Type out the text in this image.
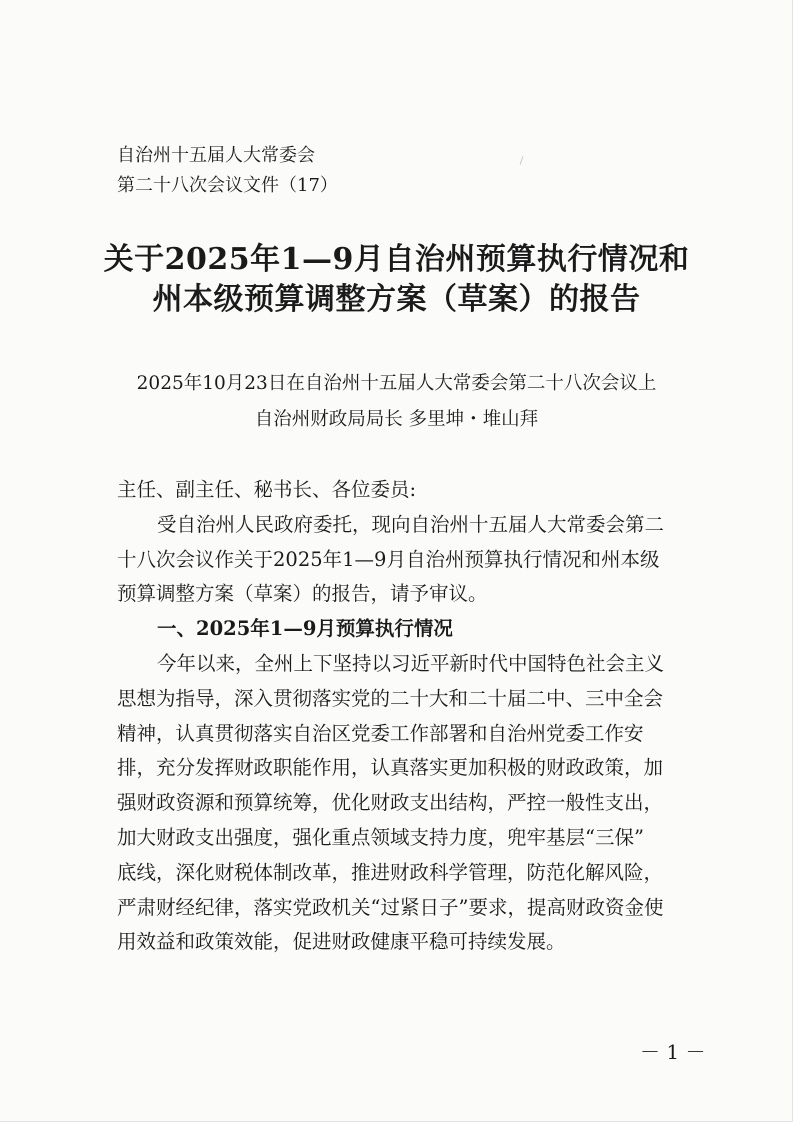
自治州十五届人大常委会
第二十八次会议文件（17）
关于2025年1—9月自治州预算执行情况和
州本级预算调整方案（草案）的报告
2025年10月23日在自治州十五届人大常委会第二十八次会议上
自治州财政局局长 多里坤・堆山拜
主任、副主任、秘书长、各位委员:
受自治州人民政府委托，现向自治州十五届人大常委会第二
十八次会议作关于2025年1—9月自治州预算执行情况和州本级
预算调整方案（草案）的报告，请予审议。
一、2025年1—9月预算执行情况
今年以来，全州上下坚持以习近平新时代中国特色社会主义
思想为指导，深入贯彻落实党的二十大和二十届二中、三中全会
精神，认真贯彻落实自治区党委工作部署和自治州党委工作安
排，充分发挥财政职能作用，认真落实更加积极的财政政策，加
强财政资源和预算统筹，优化财政支出结构，严控一般性支出，
加大财政支出强度，强化重点领域支持力度，兜牢基层“三保”
底线，深化财税体制改革，推进财政科学管理，防范化解风险，
严肃财经纪律，落实党政机关“过紧日子”要求，提高财政资金使
用效益和政策效能，促进财政健康平稳可持续发展。
－ 1 －
